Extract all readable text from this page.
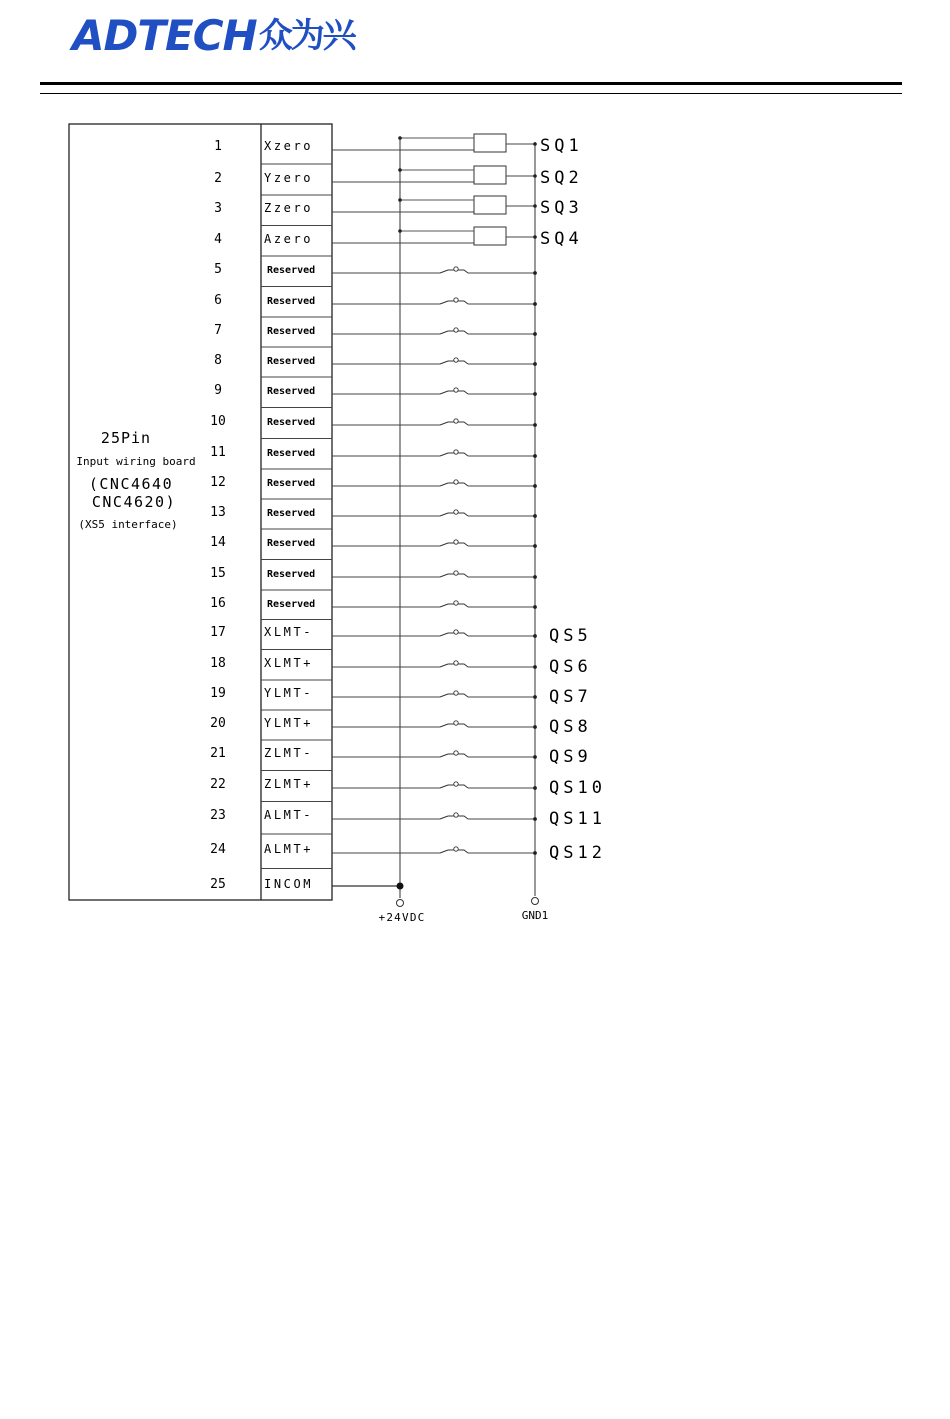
ADTECH 众为兴
25Pin
Input wiring board
(CNC4640
CNC4620)
(XS5 interface)
1	Xzero	SQ1
2	Yzero	SQ2
3	Zzero	SQ3
4	Azero	SQ4
5	Reserved
6	Reserved
7	Reserved
8	Reserved
9	Reserved
10	Reserved
11	Reserved
12	Reserved
13	Reserved
14	Reserved
15	Reserved
16	Reserved
17	XLMT-	QS5
18	XLMT+	QS6
19	YLMT-	QS7
20	YLMT+	QS8
21	ZLMT-	QS9
22	ZLMT+	QS10
23	ALMT-	QS11
24	ALMT+	QS12
25	INCOM
+24VDC	GND1
